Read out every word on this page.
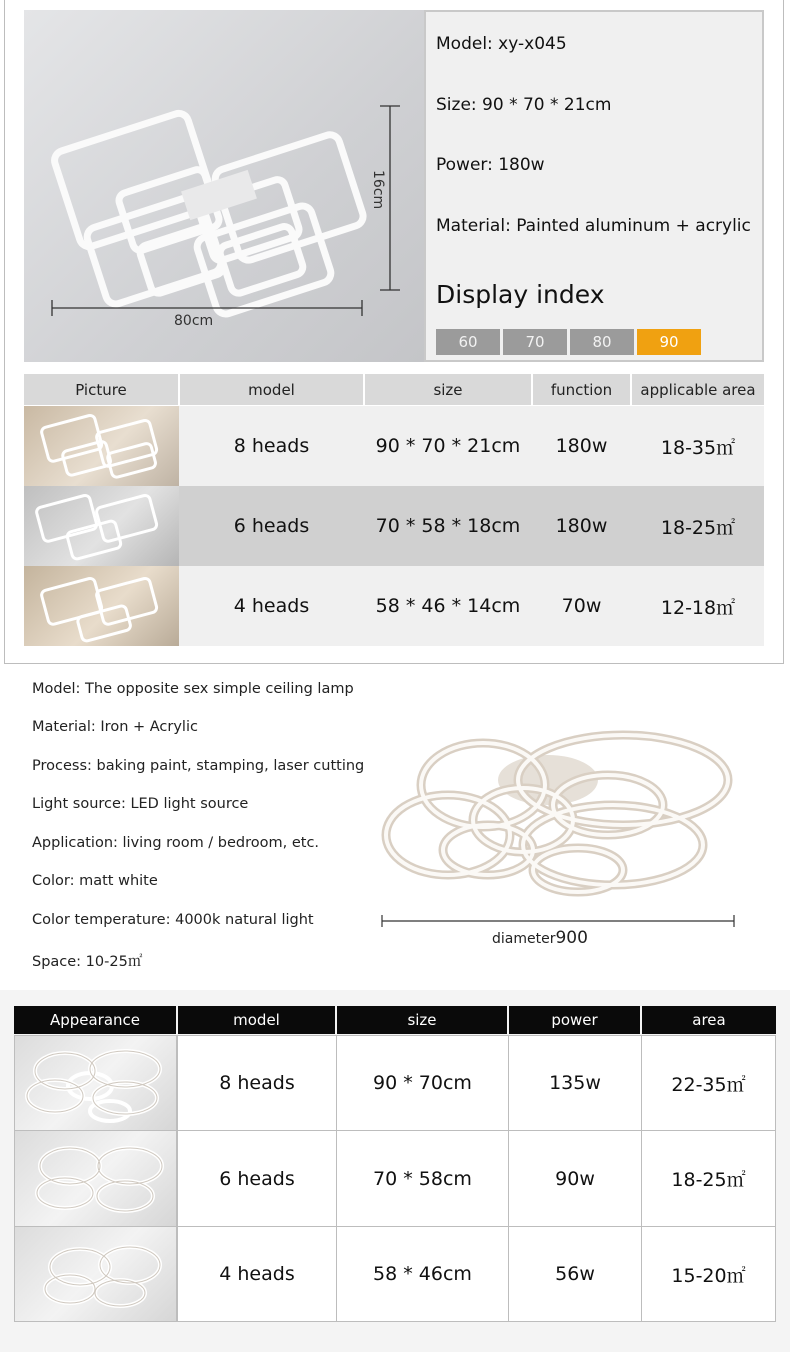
80cm
16cm
Model: xy-x045
Size: 90 * 70 * 21cm
Power: 180w
Material: Painted aluminum + acrylic
Display index
60	70	80	90
Picture	model	size	function	applicable area
8 heads	90 * 70 * 21cm	180w	18-35㎡
6 heads	70 * 58 * 18cm	180w	18-25㎡
4 heads	58 * 46 * 14cm	70w	12-18㎡
Model: The opposite sex simple ceiling lamp
Material: Iron + Acrylic
Process: baking paint, stamping, laser cutting
Light source: LED light source
Application: living room / bedroom, etc.
Color: matt white
Color temperature: 4000k natural light
Space: 10-25㎡
diameter900
Appearance	model	size	power	area
8 heads	90 * 70cm	135w	22-35㎡
6 heads	70 * 58cm	90w	18-25㎡
4 heads	58 * 46cm	56w	15-20㎡
